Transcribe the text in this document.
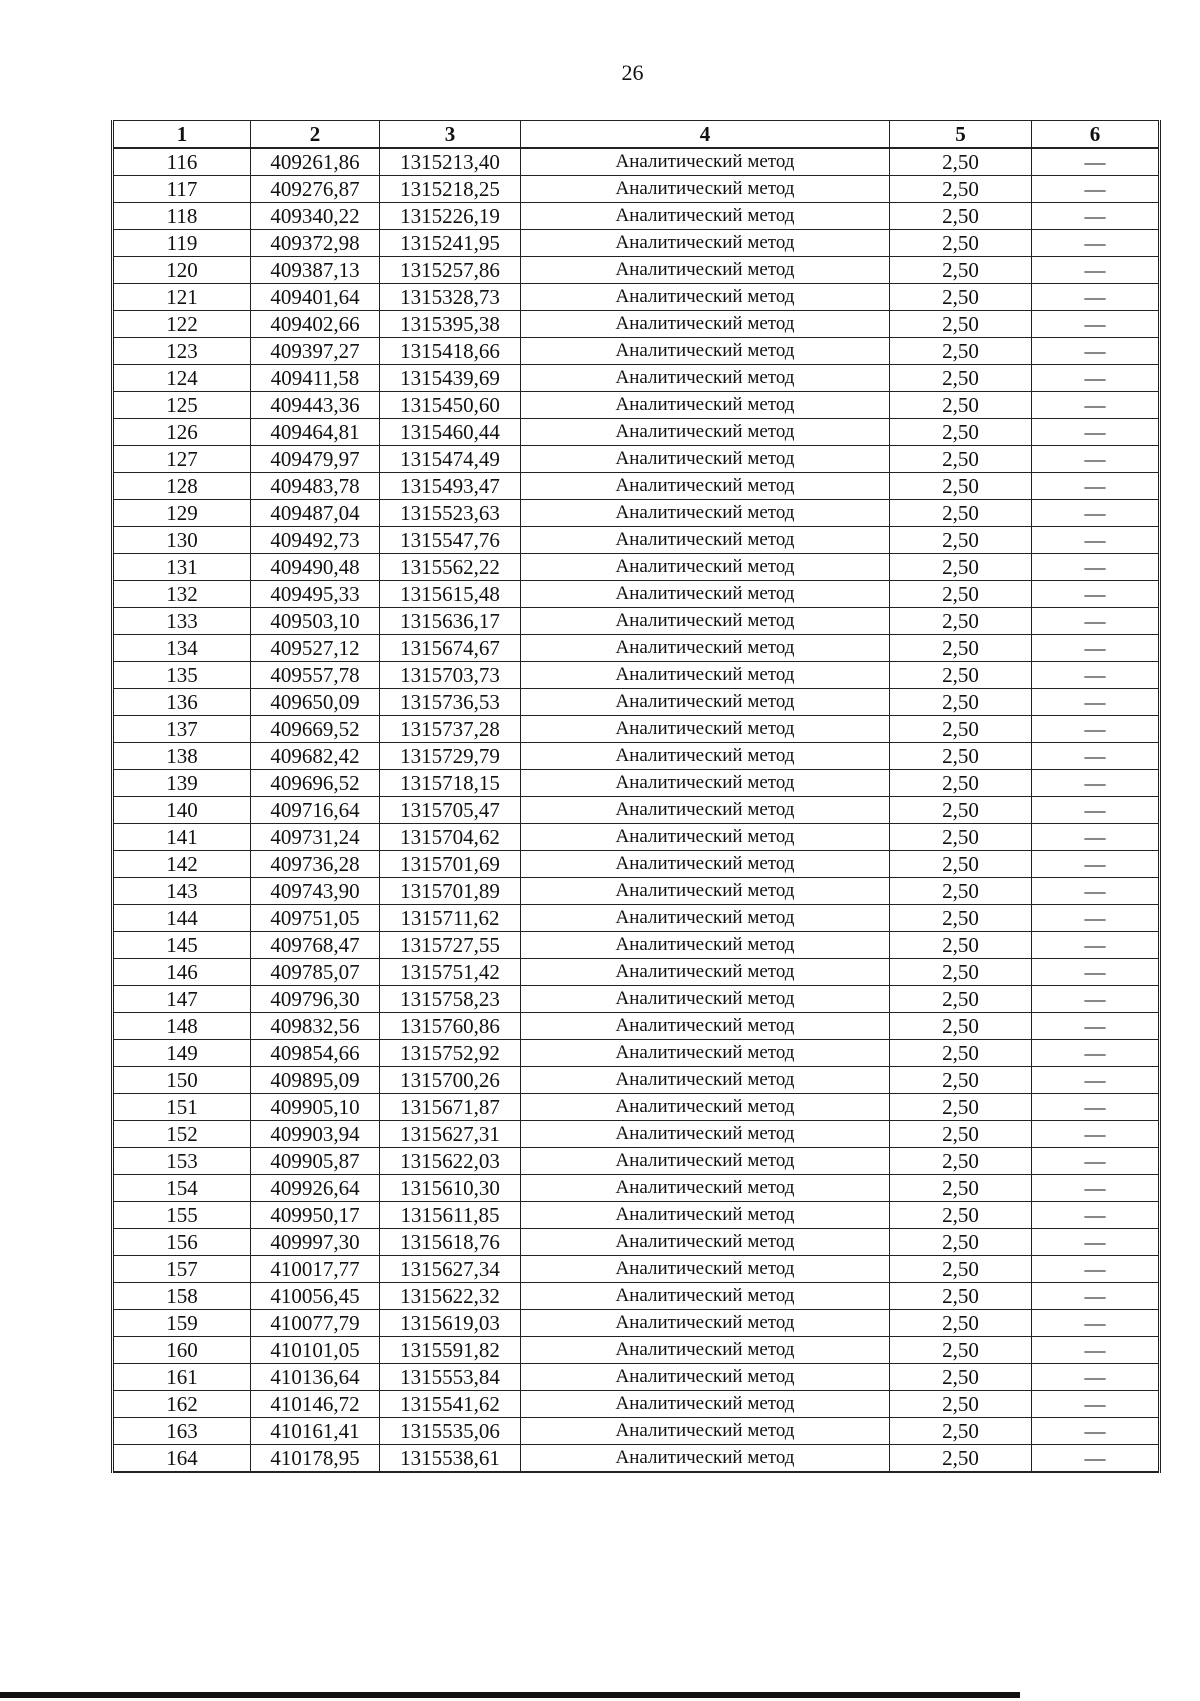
26
1	2	3	4	5	6
116	409261,86	1315213,40	Аналитический метод	2,50	—
117	409276,87	1315218,25	Аналитический метод	2,50	—
118	409340,22	1315226,19	Аналитический метод	2,50	—
119	409372,98	1315241,95	Аналитический метод	2,50	—
120	409387,13	1315257,86	Аналитический метод	2,50	—
121	409401,64	1315328,73	Аналитический метод	2,50	—
122	409402,66	1315395,38	Аналитический метод	2,50	—
123	409397,27	1315418,66	Аналитический метод	2,50	—
124	409411,58	1315439,69	Аналитический метод	2,50	—
125	409443,36	1315450,60	Аналитический метод	2,50	—
126	409464,81	1315460,44	Аналитический метод	2,50	—
127	409479,97	1315474,49	Аналитический метод	2,50	—
128	409483,78	1315493,47	Аналитический метод	2,50	—
129	409487,04	1315523,63	Аналитический метод	2,50	—
130	409492,73	1315547,76	Аналитический метод	2,50	—
131	409490,48	1315562,22	Аналитический метод	2,50	—
132	409495,33	1315615,48	Аналитический метод	2,50	—
133	409503,10	1315636,17	Аналитический метод	2,50	—
134	409527,12	1315674,67	Аналитический метод	2,50	—
135	409557,78	1315703,73	Аналитический метод	2,50	—
136	409650,09	1315736,53	Аналитический метод	2,50	—
137	409669,52	1315737,28	Аналитический метод	2,50	—
138	409682,42	1315729,79	Аналитический метод	2,50	—
139	409696,52	1315718,15	Аналитический метод	2,50	—
140	409716,64	1315705,47	Аналитический метод	2,50	—
141	409731,24	1315704,62	Аналитический метод	2,50	—
142	409736,28	1315701,69	Аналитический метод	2,50	—
143	409743,90	1315701,89	Аналитический метод	2,50	—
144	409751,05	1315711,62	Аналитический метод	2,50	—
145	409768,47	1315727,55	Аналитический метод	2,50	—
146	409785,07	1315751,42	Аналитический метод	2,50	—
147	409796,30	1315758,23	Аналитический метод	2,50	—
148	409832,56	1315760,86	Аналитический метод	2,50	—
149	409854,66	1315752,92	Аналитический метод	2,50	—
150	409895,09	1315700,26	Аналитический метод	2,50	—
151	409905,10	1315671,87	Аналитический метод	2,50	—
152	409903,94	1315627,31	Аналитический метод	2,50	—
153	409905,87	1315622,03	Аналитический метод	2,50	—
154	409926,64	1315610,30	Аналитический метод	2,50	—
155	409950,17	1315611,85	Аналитический метод	2,50	—
156	409997,30	1315618,76	Аналитический метод	2,50	—
157	410017,77	1315627,34	Аналитический метод	2,50	—
158	410056,45	1315622,32	Аналитический метод	2,50	—
159	410077,79	1315619,03	Аналитический метод	2,50	—
160	410101,05	1315591,82	Аналитический метод	2,50	—
161	410136,64	1315553,84	Аналитический метод	2,50	—
162	410146,72	1315541,62	Аналитический метод	2,50	—
163	410161,41	1315535,06	Аналитический метод	2,50	—
164	410178,95	1315538,61	Аналитический метод	2,50	—
